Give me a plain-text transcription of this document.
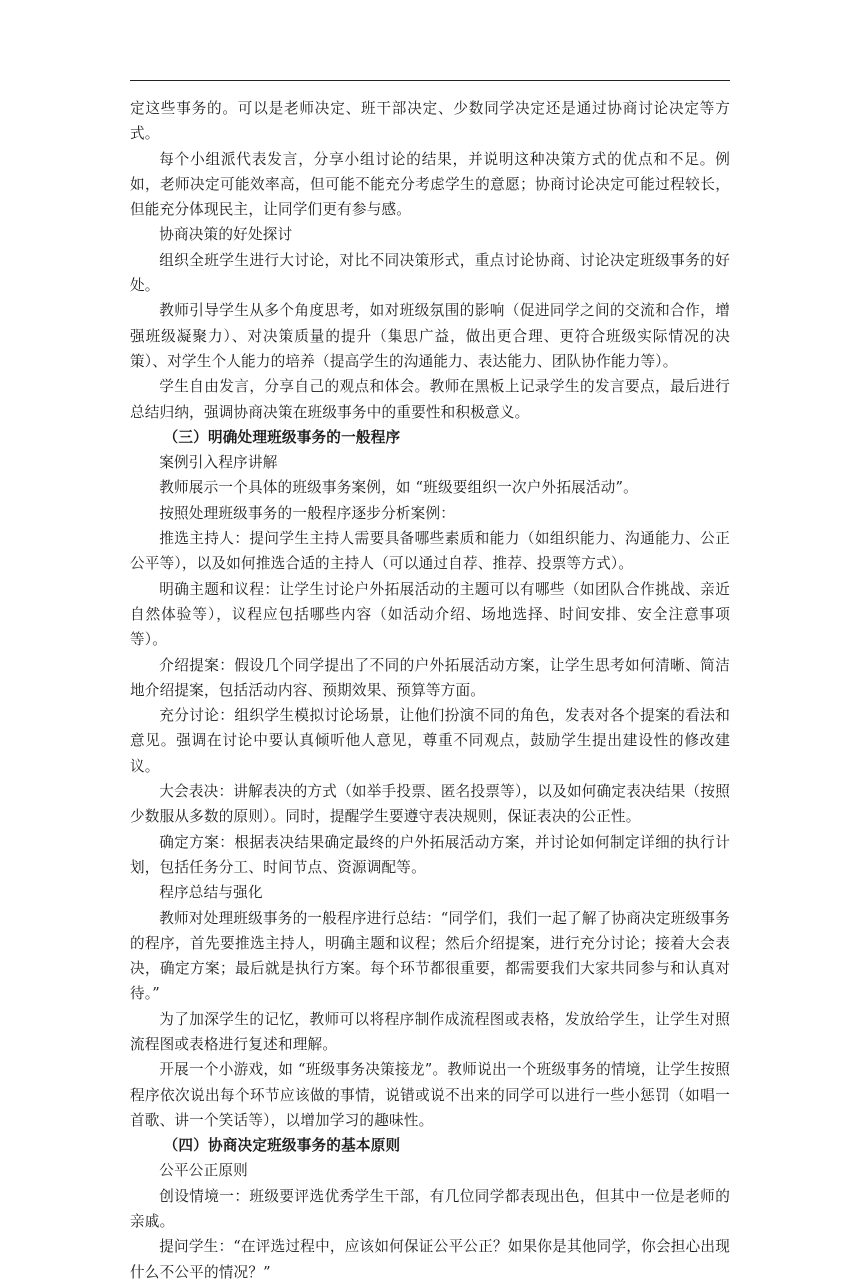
定这些事务的。可以是老师决定、班干部决定、少数同学决定还是通过协商讨论决定等方式。

每个小组派代表发言，分享小组讨论的结果，并说明这种决策方式的优点和不足。例如，老师决定可能效率高，但可能不能充分考虑学生的意愿；协商讨论决定可能过程较长，但能充分体现民主，让同学们更有参与感。

协商决策的好处探讨

组织全班学生进行大讨论，对比不同决策形式，重点讨论协商、讨论决定班级事务的好处。

教师引导学生从多个角度思考，如对班级氛围的影响（促进同学之间的交流和合作，增强班级凝聚力）、对决策质量的提升（集思广益，做出更合理、更符合班级实际情况的决策）、对学生个人能力的培养（提高学生的沟通能力、表达能力、团队协作能力等）。

学生自由发言，分享自己的观点和体会。教师在黑板上记录学生的发言要点，最后进行总结归纳，强调协商决策在班级事务中的重要性和积极意义。

（三）明确处理班级事务的一般程序

案例引入程序讲解

教师展示一个具体的班级事务案例，如 “班级要组织一次户外拓展活动”。

按照处理班级事务的一般程序逐步分析案例：

推选主持人：提问学生主持人需要具备哪些素质和能力（如组织能力、沟通能力、公正公平等），以及如何推选合适的主持人（可以通过自荐、推荐、投票等方式）。

明确主题和议程：让学生讨论户外拓展活动的主题可以有哪些（如团队合作挑战、亲近自然体验等），议程应包括哪些内容（如活动介绍、场地选择、时间安排、安全注意事项等）。

介绍提案：假设几个同学提出了不同的户外拓展活动方案，让学生思考如何清晰、简洁地介绍提案，包括活动内容、预期效果、预算等方面。

充分讨论：组织学生模拟讨论场景，让他们扮演不同的角色，发表对各个提案的看法和意见。强调在讨论中要认真倾听他人意见，尊重不同观点，鼓励学生提出建设性的修改建议。

大会表决：讲解表决的方式（如举手投票、匿名投票等），以及如何确定表决结果（按照少数服从多数的原则）。同时，提醒学生要遵守表决规则，保证表决的公正性。

确定方案：根据表决结果确定最终的户外拓展活动方案，并讨论如何制定详细的执行计划，包括任务分工、时间节点、资源调配等。

程序总结与强化

教师对处理班级事务的一般程序进行总结：“同学们，我们一起了解了协商决定班级事务的程序，首先要推选主持人，明确主题和议程；然后介绍提案，进行充分讨论；接着大会表决，确定方案；最后就是执行方案。每个环节都很重要，都需要我们大家共同参与和认真对待。”

为了加深学生的记忆，教师可以将程序制作成流程图或表格，发放给学生，让学生对照流程图或表格进行复述和理解。

开展一个小游戏，如 “班级事务决策接龙”。教师说出一个班级事务的情境，让学生按照程序依次说出每个环节应该做的事情，说错或说不出来的同学可以进行一些小惩罚（如唱一首歌、讲一个笑话等），以增加学习的趣味性。

（四）协商决定班级事务的基本原则

公平公正原则

创设情境一：班级要评选优秀学生干部，有几位同学都表现出色，但其中一位是老师的亲戚。

提问学生：“在评选过程中，应该如何保证公平公正？如果你是其他同学，你会担心出现什么不公平的情况？”
